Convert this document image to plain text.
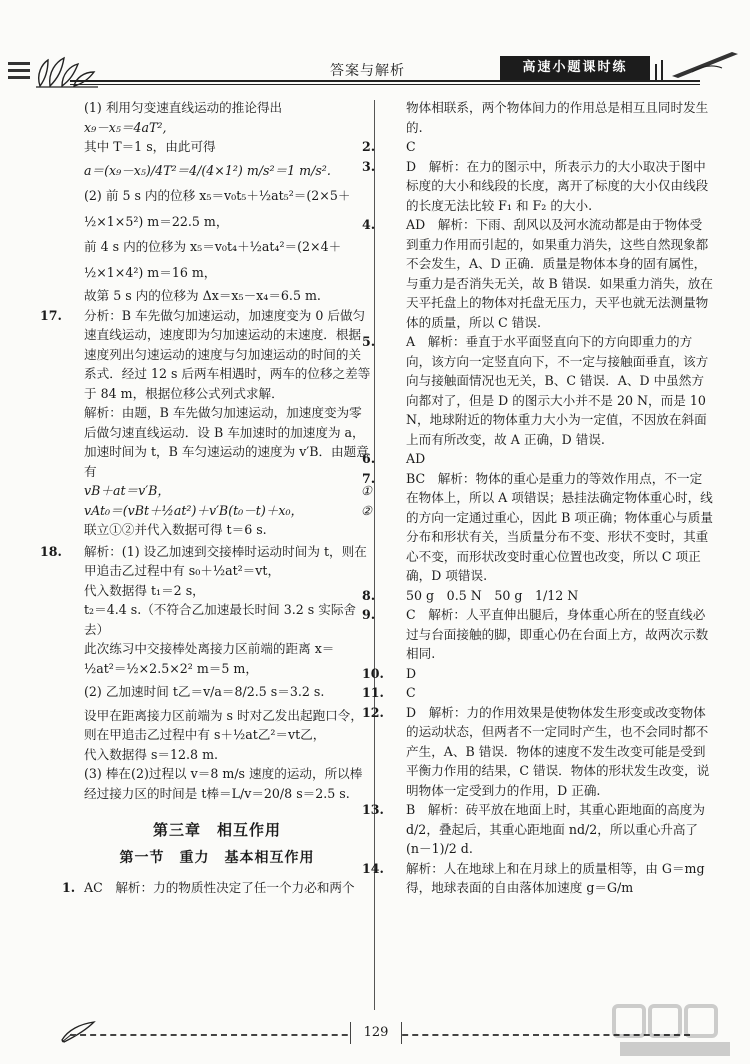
答案与解析	高速小题课时练
(1) 利用匀变速直线运动的推论得出
x₉－x₅＝4aT²,
其中 T＝1 s，由此可得
a＝(x₉－x₅)/4T²＝4/(4×1²) m/s²＝1 m/s².
(2) 前 5 s 内的位移 x₅＝v₀t₅＋½at₅²＝(2×5＋
½×1×5²) m＝22.5 m，
前 4 s 内的位移为 x₅＝v₀t₄＋½at₄²＝(2×4＋
½×1×4²) m＝16 m，
故第 5 s 内的位移为 Δx＝x₅－x₄＝6.5 m.
17. 分析：B 车先做匀加速运动，加速度变为 0 后做匀速直线运动，速度即为匀加速运动的末速度．根据速度列出匀速运动的速度与匀加速运动的时间的关系式．经过 12 s 后两车相遇时，两车的位移之差等于 84 m，根据位移公式列式求解．
解析：由题，B 车先做匀加速运动，加速度变为零后做匀速直线运动．设 B 车加速时的加速度为 a，加速时间为 t，B 车匀速运动的速度为 v′B．由题意有
vB＋at＝v′B，	①
vAt₀＝(vBt＋½at²)＋v′B(t₀－t)＋x₀，	②
联立①②并代入数据可得 t＝6 s.
18. 解析：(1) 设乙加速到交接棒时运动时间为 t，则在甲追击乙过程中有 s₀＋½at²＝vt，
代入数据得 t₁＝2 s，
t₂＝4.4 s.（不符合乙加速最长时间 3.2 s 实际舍去）
此次练习中交接棒处离接力区前端的距离 x＝
½at²＝½×2.5×2² m＝5 m，
(2) 乙加速时间 t乙＝v/a＝8/2.5 s＝3.2 s.
设甲在距离接力区前端为 s 时对乙发出起跑口令，则在甲追击乙过程中有 s＋½at乙²＝vt乙，
代入数据得 s＝12.8 m.
(3) 棒在(2)过程以 v＝8 m/s 速度的运动，所以棒经过接力区的时间是 t棒＝L/v＝20/8 s＝2.5 s.
第三章　相互作用
第一节　重力　基本相互作用
1. AC　解析：力的物质性决定了任一个力必和两个
物体相联系，两个物体间力的作用总是相互且同时发生的.
2. C
3. D　解析：在力的图示中，所表示力的大小取决于图中标度的大小和线段的长度，离开了标度的大小仅由线段的长度无法比较 F₁ 和 F₂ 的大小.
4. AD　解析：下雨、刮风以及河水流动都是由于物体受到重力作用而引起的，如果重力消失，这些自然现象都不会发生，A、D 正确．质量是物体本身的固有属性，与重力是否消失无关，故 B 错误．如果重力消失，放在天平托盘上的物体对托盘无压力，天平也就无法测量物体的质量，所以 C 错误.
5. A　解析：垂直于水平面竖直向下的方向即重力的方向，该方向一定竖直向下，不一定与接触面垂直，该方向与接触面情况也无关，B、C 错误．A、D 中虽然方向都对了，但是 D 的图示大小并不是 20 N，而是 10 N，地球附近的物体重力大小为一定值，不因放在斜面上而有所改变，故 A 正确，D 错误.
6. AD
7. BC　解析：物体的重心是重力的等效作用点，不一定在物体上，所以 A 项错误；悬挂法确定物体重心时，线的方向一定通过重心，因此 B 项正确；物体重心与质量分布和形状有关，当质量分布不变、形状不变时，其重心不变，而形状改变时重心位置也改变，所以 C 项正确，D 项错误.
8. 50 g　0.5 N　50 g　1/12 N
9. C　解析：人平直伸出腿后，身体重心所在的竖直线必过与台面接触的脚，即重心仍在台面上方，故两次示数相同.
10. D
11. C
12. D　解析：力的作用效果是使物体发生形变或改变物体的运动状态，但两者不一定同时产生，也不会同时都不产生，A、B 错误．物体的速度不发生改变可能是受到平衡力作用的结果，C 错误．物体的形状发生改变，说明物体一定受到力的作用，D 正确.
13. B　解析：砖平放在地面上时，其重心距地面的高度为 d/2，叠起后，其重心距地面 nd/2，所以重心升高了 (n－1)/2 d.
14. 解析：人在地球上和在月球上的质量相等，由 G＝mg 得，地球表面的自由落体加速度 g＝G/m
129
